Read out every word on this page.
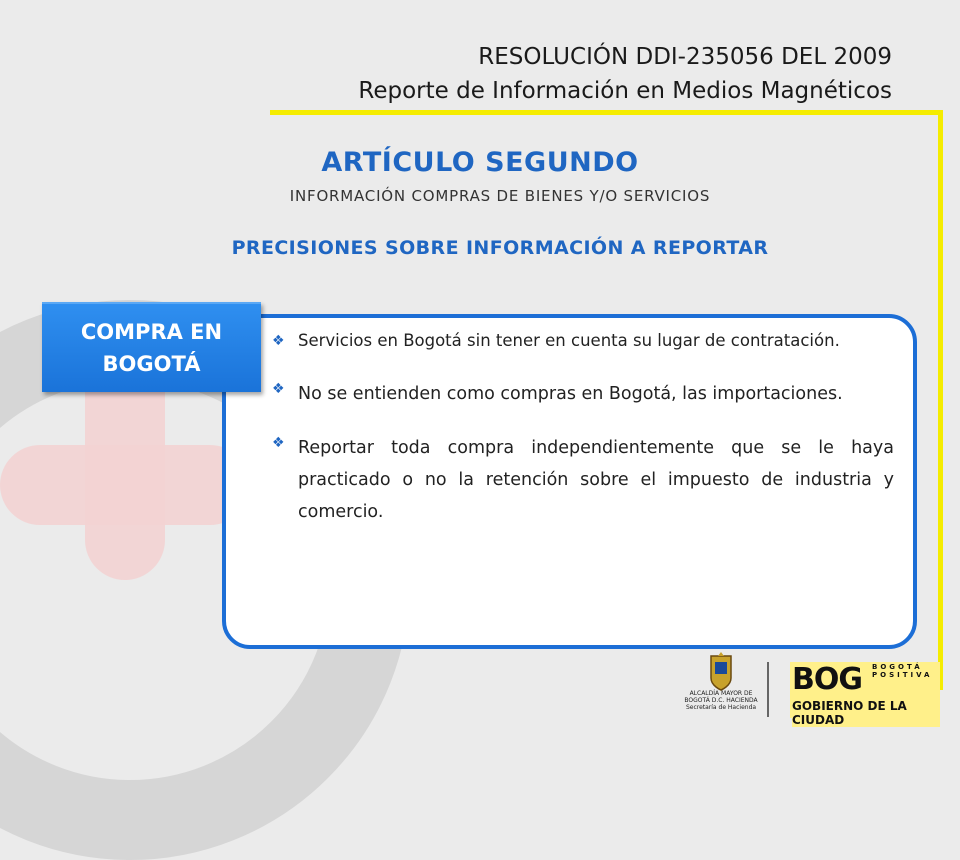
RESOLUCIÓN DDI-235056 DEL 2009
Reporte de Información en Medios Magnéticos
ARTÍCULO SEGUNDO
INFORMACIÓN COMPRAS DE BIENES Y/O SERVICIOS
PRECISIONES SOBRE INFORMACIÓN A REPORTAR
COMPRA EN
BOGOTÁ
❖ Servicios en Bogotá sin tener en cuenta su lugar de contratación.
❖ No se entienden como compras en Bogotá, las importaciones.
❖ Reportar toda compra independientemente que se le haya practicado o no la retención sobre el impuesto de industria y comercio.
ALCALDÍA MAYOR DE BOGOTÁ D.C. HACIENDA Secretaría de Hacienda
BOG BOGOTÁ POSITIVA
GOBIERNO DE LA CIUDAD
